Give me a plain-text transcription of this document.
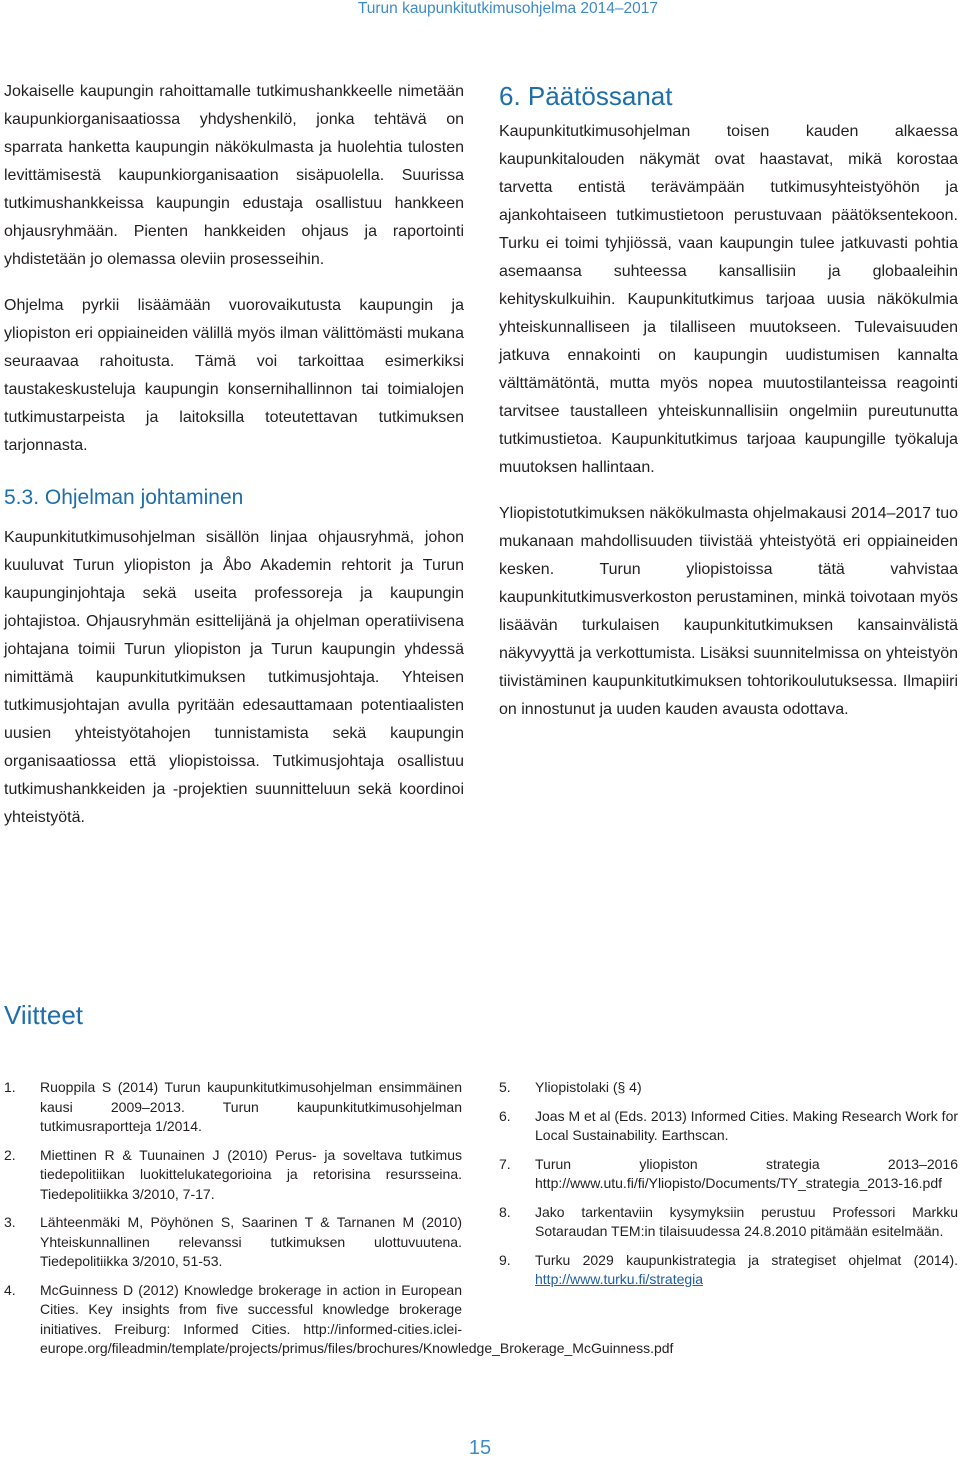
Turun kaupunkitutkimusohjelma 2014–2017

Jokaiselle kaupungin rahoittamalle tutkimushankkeelle nimetään kaupunkiorganisaatiossa yhdyshenkilö, jonka tehtävä on sparrata hanketta kaupungin näkökulmasta ja huolehtia tulosten levittämisestä kaupunkiorganisaation sisäpuolella. Suurissa tutkimushankkeissa kaupungin edustaja osallistuu hankkeen ohjausryhmään. Pienten hankkeiden ohjaus ja raportointi yhdistetään jo olemassa oleviin prosesseihin.

Ohjelma pyrkii lisäämään vuorovaikutusta kaupungin ja yliopiston eri oppiaineiden välillä myös ilman välittömästi mukana seuraavaa rahoitusta. Tämä voi tarkoittaa esimerkiksi taustakeskusteluja kaupungin konsernihallinnon tai toimialojen tutkimustarpeista ja laitoksilla toteutettavan tutkimuksen tarjonnasta.

5.3. Ohjelman johtaminen

Kaupunkitutkimusohjelman sisällön linjaa ohjausryhmä, johon kuuluvat Turun yliopiston ja Åbo Akademin rehtorit ja Turun kaupunginjohtaja sekä useita professoreja ja kaupungin johtajistoa. Ohjausryhmän esittelijänä ja ohjelman operatiivisena johtajana toimii Turun yliopiston ja Turun kaupungin yhdessä nimittämä kaupunkitutkimuksen tutkimusjohtaja. Yhteisen tutkimusjohtajan avulla pyritään edesauttamaan potentiaalisten uusien yhteistyötahojen tunnistamista sekä kaupungin organisaatiossa että yliopistoissa. Tutkimusjohtaja osallistuu tutkimushankkeiden ja -projektien suunnitteluun sekä koordinoi yhteistyötä.

6. Päätössanat

Kaupunkitutkimusohjelman toisen kauden alkaessa kaupunkitalouden näkymät ovat haastavat, mikä korostaa tarvetta entistä terävämpään tutkimusyhteistyöhön ja ajankohtaiseen tutkimustietoon perustuvaan päätöksentekoon. Turku ei toimi tyhjiössä, vaan kaupungin tulee jatkuvasti pohtia asemaansa suhteessa kansallisiin ja globaaleihin kehityskulkuihin. Kaupunkitutkimus tarjoaa uusia näkökulmia yhteiskunnalliseen ja tilalliseen muutokseen. Tulevaisuuden jatkuva ennakointi on kaupungin uudistumisen kannalta välttämätöntä, mutta myös nopea muutostilanteissa reagointi tarvitsee taustalleen yhteiskunnallisiin ongelmiin pureutunutta tutkimustietoa. Kaupunkitutkimus tarjoaa kaupungille työkaluja muutoksen hallintaan.

Yliopistotutkimuksen näkökulmasta ohjelmakausi 2014–2017 tuo mukanaan mahdollisuuden tiivistää yhteistyötä eri oppiaineiden kesken. Turun yliopistoissa tätä vahvistaa kaupunkitutkimusverkoston perustaminen, minkä toivotaan myös lisäävän turkulaisen kaupunkitutkimuksen kansainvälistä näkyvyyttä ja verkottumista. Lisäksi suunnitelmissa on yhteistyön tiivistäminen kaupunkitutkimuksen tohtorikoulutuksessa. Ilmapiiri on innostunut ja uuden kauden avausta odottava.

Viitteet
1. Ruoppila S (2014) Turun kaupunkitutkimusohjelman ensimmäinen kausi 2009–2013. Turun kaupunkitutkimusohjelman tutkimusraportteja 1/2014.
2. Miettinen R & Tuunainen J (2010) Perus- ja soveltava tutkimus tiedepolitiikan luokittelukategorioina ja retorisina resursseina. Tiedepolitiikka 3/2010, 7-17.
3. Lähteenmäki M, Pöyhönen S, Saarinen T & Tarnanen M (2010) Yhteiskunnallinen relevanssi tutkimuksen ulottuvuutena. Tiedepolitiikka 3/2010, 51-53.
4. McGuinness D (2012) Knowledge brokerage in action in European Cities. Key insights from five successful knowledge brokerage initiatives. Freiburg: Informed Cities. http://informed-cities.iclei-europe.org/fileadmin/template/projects/primus/files/brochures/Knowledge_Brokerage_McGuinness.pdf
5. Yliopistolaki (§ 4)
6. Joas M et al (Eds. 2013) Informed Cities. Making Research Work for Local Sustainability. Earthscan.
7. Turun yliopiston strategia 2013–2016 http://www.utu.fi/fi/Yliopisto/Documents/TY_strategia_2013-16.pdf
8. Jako tarkentaviin kysymyksiin perustuu Professori Markku Sotaraudan TEM:in tilaisuudessa 24.8.2010 pitämään esitelmään.
9. Turku 2029 kaupunkistrategia ja strategiset ohjelmat (2014). http://www.turku.fi/strategia
15
